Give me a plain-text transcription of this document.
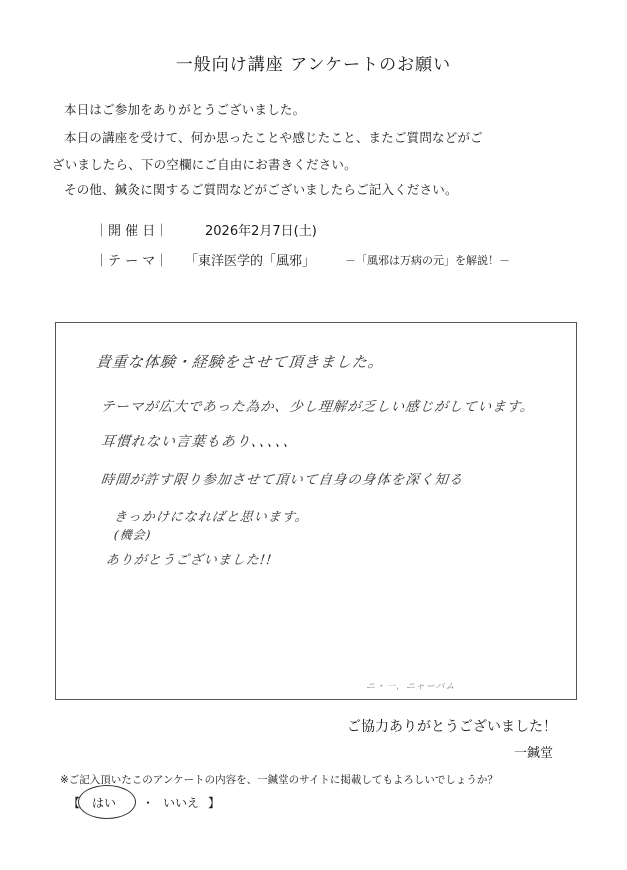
一般向け講座 アンケートのお願い
本日はご参加をありがとうございました。
本日の講座を受けて、何か思ったことや感じたこと、またご質問などがご
ざいましたら、下の空欄にご自由にお書きください。
その他、鍼灸に関するご質問などがございましたらご記入ください。
｜開 催 日｜	2026年2月7日(土)
｜テ ー マ｜ 「東洋医学的「風邪」	－「風邪は万病の元」を解説！－
貴重な体験・経験をさせて頂きました。
テーマが広大であった為か、少し理解が乏しい感じがしています。
耳慣れない言葉もあり、、、、、
時間が許す限り参加させて頂いて自身の身体を深く知る
きっかけになればと思います。
(機会)
ありがとうございました!!
ニ・一、ニャーバム
ご協力ありがとうございました！
一鍼堂
※ご記入頂いたこのアンケートの内容を、一鍼堂のサイトに掲載してもよろしいでしょうか？
【 はい ・ いいえ 】
